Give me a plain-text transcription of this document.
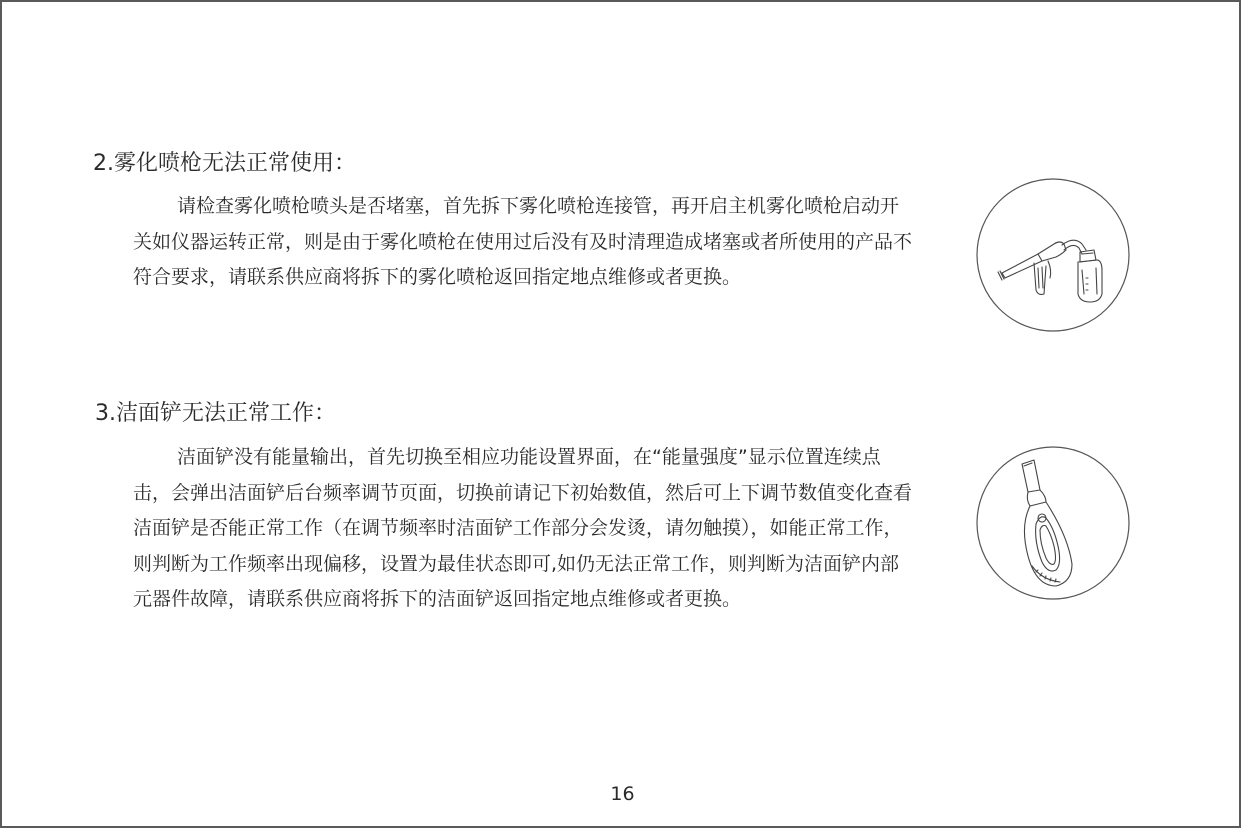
2.雾化喷枪无法正常使用：

请检查雾化喷枪喷头是否堵塞，首先拆下雾化喷枪连接管，再开启主机雾化喷枪启动开关如仪器运转正常，则是由于雾化喷枪在使用过后没有及时清理造成堵塞或者所使用的产品不符合要求，请联系供应商将拆下的雾化喷枪返回指定地点维修或者更换。

3.洁面铲无法正常工作：

洁面铲没有能量输出，首先切换至相应功能设置界面，在“能量强度”显示位置连续点击，会弹出洁面铲后台频率调节页面，切换前请记下初始数值，然后可上下调节数值变化查看洁面铲是否能正常工作（在调节频率时洁面铲工作部分会发烫，请勿触摸），如能正常工作，则判断为工作频率出现偏移，设置为最佳状态即可,如仍无法正常工作，则判断为洁面铲内部元器件故障，请联系供应商将拆下的洁面铲返回指定地点维修或者更换。

16
